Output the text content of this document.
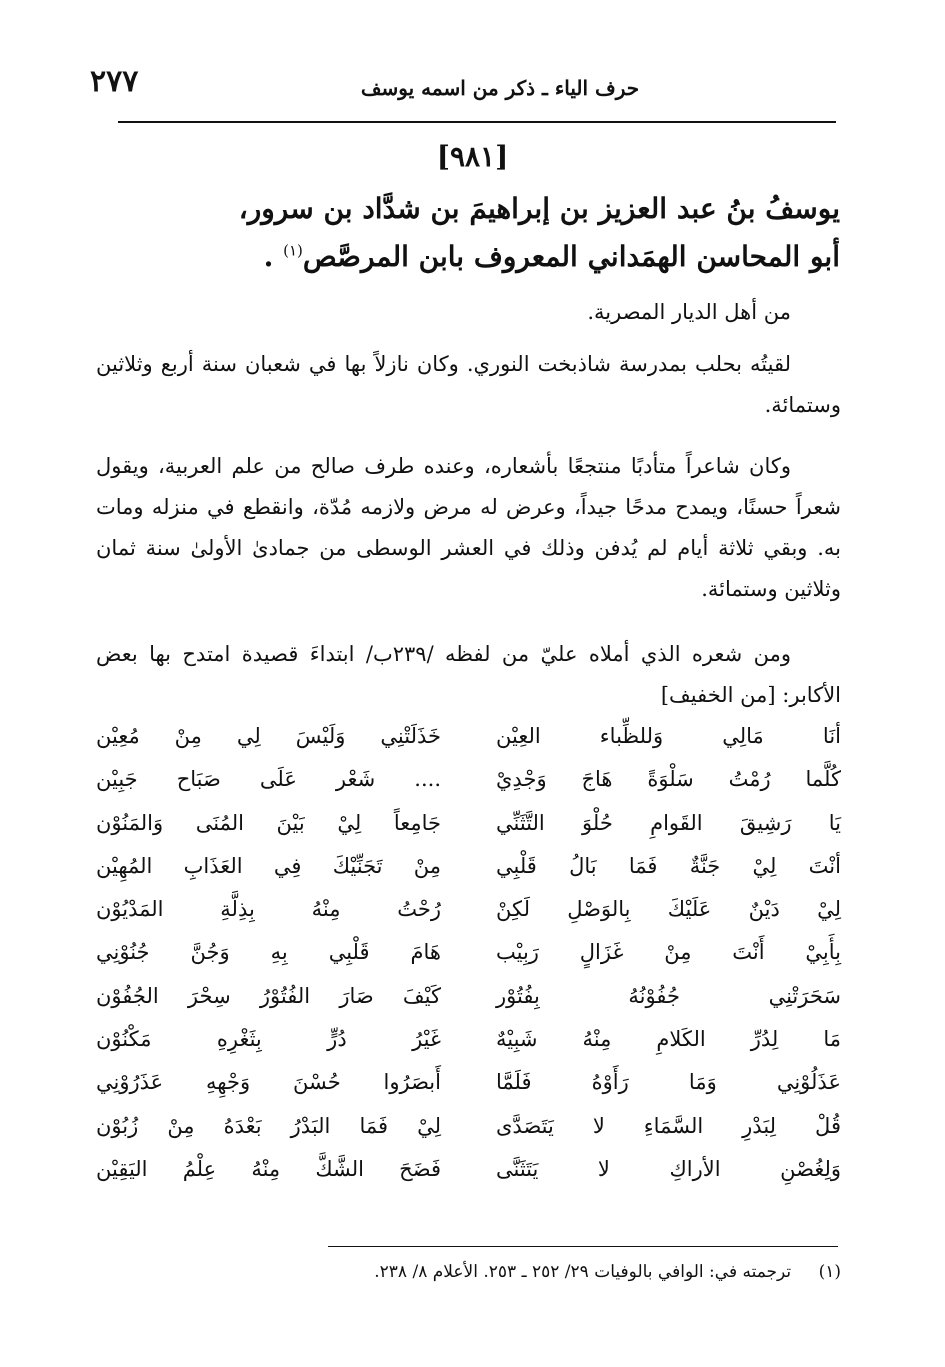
٢٧٧	حرف الياء ـ ذكر من اسمه يوسف
[٩٨١]
يوسفُ بنُ عبد العزيز بن إبراهيمَ بن شدَّاد بن سرور،
أبو المحاسن الهمَداني المعروف بابن المرصَّص$^{(١)}$ .
من أهل الديار المصرية.
لقيتُه بحلب بمدرسة شاذبخت النوري. وكان نازلاً بها في شعبان سنة أربع وثلاثين وستمائة.
وكان شاعراً متأدبًا منتجعًا بأشعاره، وعنده طرف صالح من علم العربية، ويقول شعراً حسنًا، ويمدح مدحًا جيداً، وعرض له مرض ولازمه مُدّة، وانقطع في منزله ومات به. وبقي ثلاثة أيام لم يُدفن وذلك في العشر الوسطى من جمادىٰ الأولىٰ سنة ثمان وثلاثين وستمائة.
ومن شعره الذي أملاه عليّ من لفظه /٢٣٩ب/ ابتداءَ قصيدة امتدح بها بعض الأكابر: [من الخفيف]
أنَا مَالِي وَللظِّباء العِيْن
خَذَلَتْنِي وَلَيْسَ لِي مِنْ مُعِيْن
كُلَّما رُمْتُ سَلْوَةً هَاجَ وَجْدِيْ
.... شَعْر عَلَى صَبَاح جَبِيْن
يَا رَشِيقَ القَوامِ حُلْوَ التَّثَنِّي
جَامِعاً لِيْ بَيْنَ المُنَى وَالمَنُوْن
أنْتَ لِيْ جَنَّةٌ فَمَا بَالُ قَلْبِي
مِنْ تَجَنِّيْكَ فِي العَذَابِ المُهِيْن
لِيْ دَيْنٌ عَلَيْكَ بِالوَصْلِ لَكِنْ
رُحْتُ مِنْهُ بِذِلَّةِ المَدْيُوْن
بِأَبِيْ أَنْتَ مِنْ غَزَالٍ رَبِيْب
هَامَ قَلْبِي بِهِ وَجُنَّ جُنُوْنِي
سَحَرَتْنِي جُفُوْنُهُ بِفُتُوْر
كَيْفَ صَارَ الفُتُوْرُ سِحْرَ الجُفُوْن
مَا لِدُرِّ الكَلامِ مِنْهُ شَبِيْهٌ
غَيْرُ دُرٍّ بِثَغْرِهِ مَكْنُوْن
عَذَلُوْنِي وَمَا رَأَوْهُ فَلَمَّا
أَبصَرُوا حُسْنَ وَجْهِهِ عَذَرُوْنِي
قُلْ لِبَدْرِ السَّمَاءِ لا يَتَصَدَّى
لِيْ فَمَا البَدْرُ بَعْدَهُ مِنْ زُبُوْن
وَلِغُصْنِ الأراكِ لا يَتَثَنَّى
فَضَحَ الشَّكَّ مِنْهُ عِلْمُ اليَقِيْن
(١) ترجمته في: الوافي بالوفيات ٢٩/ ٢٥٢ ـ ٢٥٣. الأعلام ٨/ ٢٣٨.
